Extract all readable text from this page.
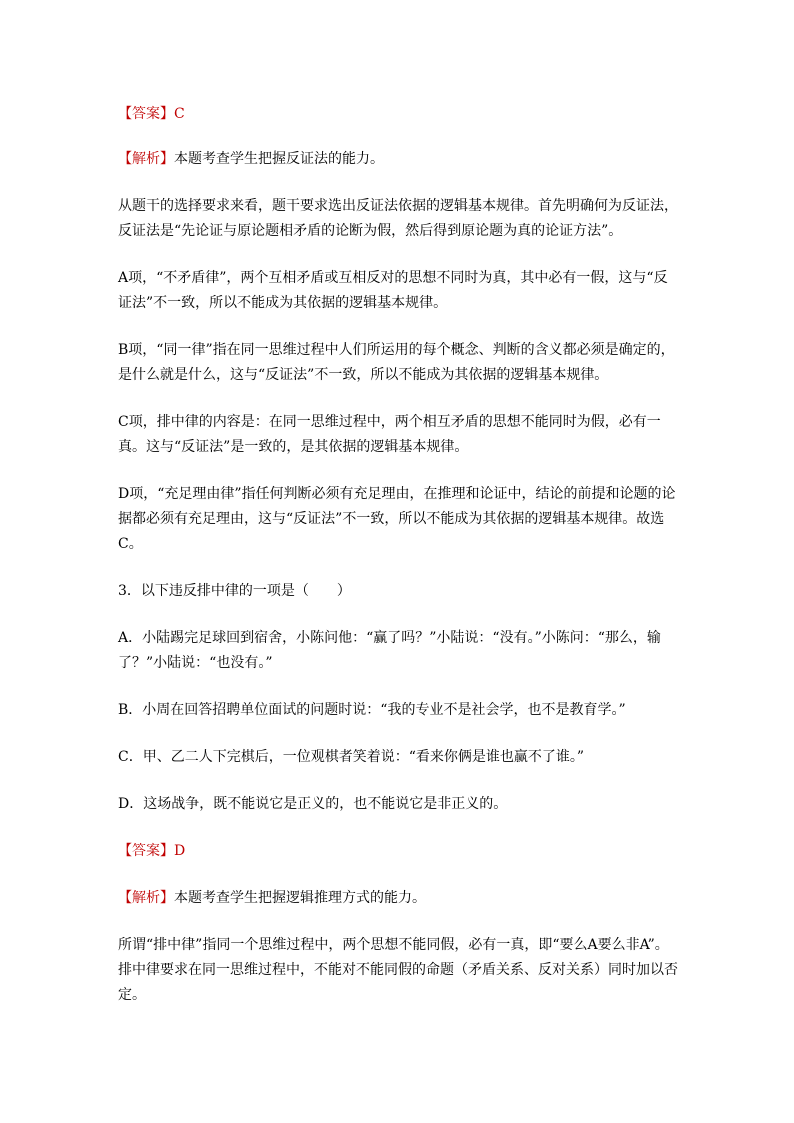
【答案】C

【解析】本题考查学生把握反证法的能力。

从题干的选择要求来看，题干要求选出反证法依据的逻辑基本规律。首先明确何为反证法，反证法是“先论证与原论题相矛盾的论断为假，然后得到原论题为真的论证方法”。

A项，“不矛盾律”，两个互相矛盾或互相反对的思想不同时为真，其中必有一假，这与“反证法”不一致，所以不能成为其依据的逻辑基本规律。

B项，“同一律”指在同一思维过程中人们所运用的每个概念、判断的含义都必须是确定的，是什么就是什么，这与“反证法”不一致，所以不能成为其依据的逻辑基本规律。

C项，排中律的内容是：在同一思维过程中，两个相互矛盾的思想不能同时为假，必有一真。这与“反证法”是一致的，是其依据的逻辑基本规律。

D项，“充足理由律”指任何判断必须有充足理由，在推理和论证中，结论的前提和论题的论据都必须有充足理由，这与“反证法”不一致，所以不能成为其依据的逻辑基本规律。故选C。

3．以下违反排中律的一项是（　　）

A．小陆踢完足球回到宿舍，小陈问他：“赢了吗？”小陆说：“没有。”小陈问：“那么，输了？”小陆说：“也没有。”

B．小周在回答招聘单位面试的问题时说：“我的专业不是社会学，也不是教育学。”

C．甲、乙二人下完棋后，一位观棋者笑着说：“看来你俩是谁也赢不了谁。”

D．这场战争，既不能说它是正义的，也不能说它是非正义的。

【答案】D

【解析】本题考查学生把握逻辑推理方式的能力。

所谓“排中律”指同一个思维过程中，两个思想不能同假，必有一真，即“要么A要么非A”。排中律要求在同一思维过程中，不能对不能同假的命题（矛盾关系、反对关系）同时加以否定。
